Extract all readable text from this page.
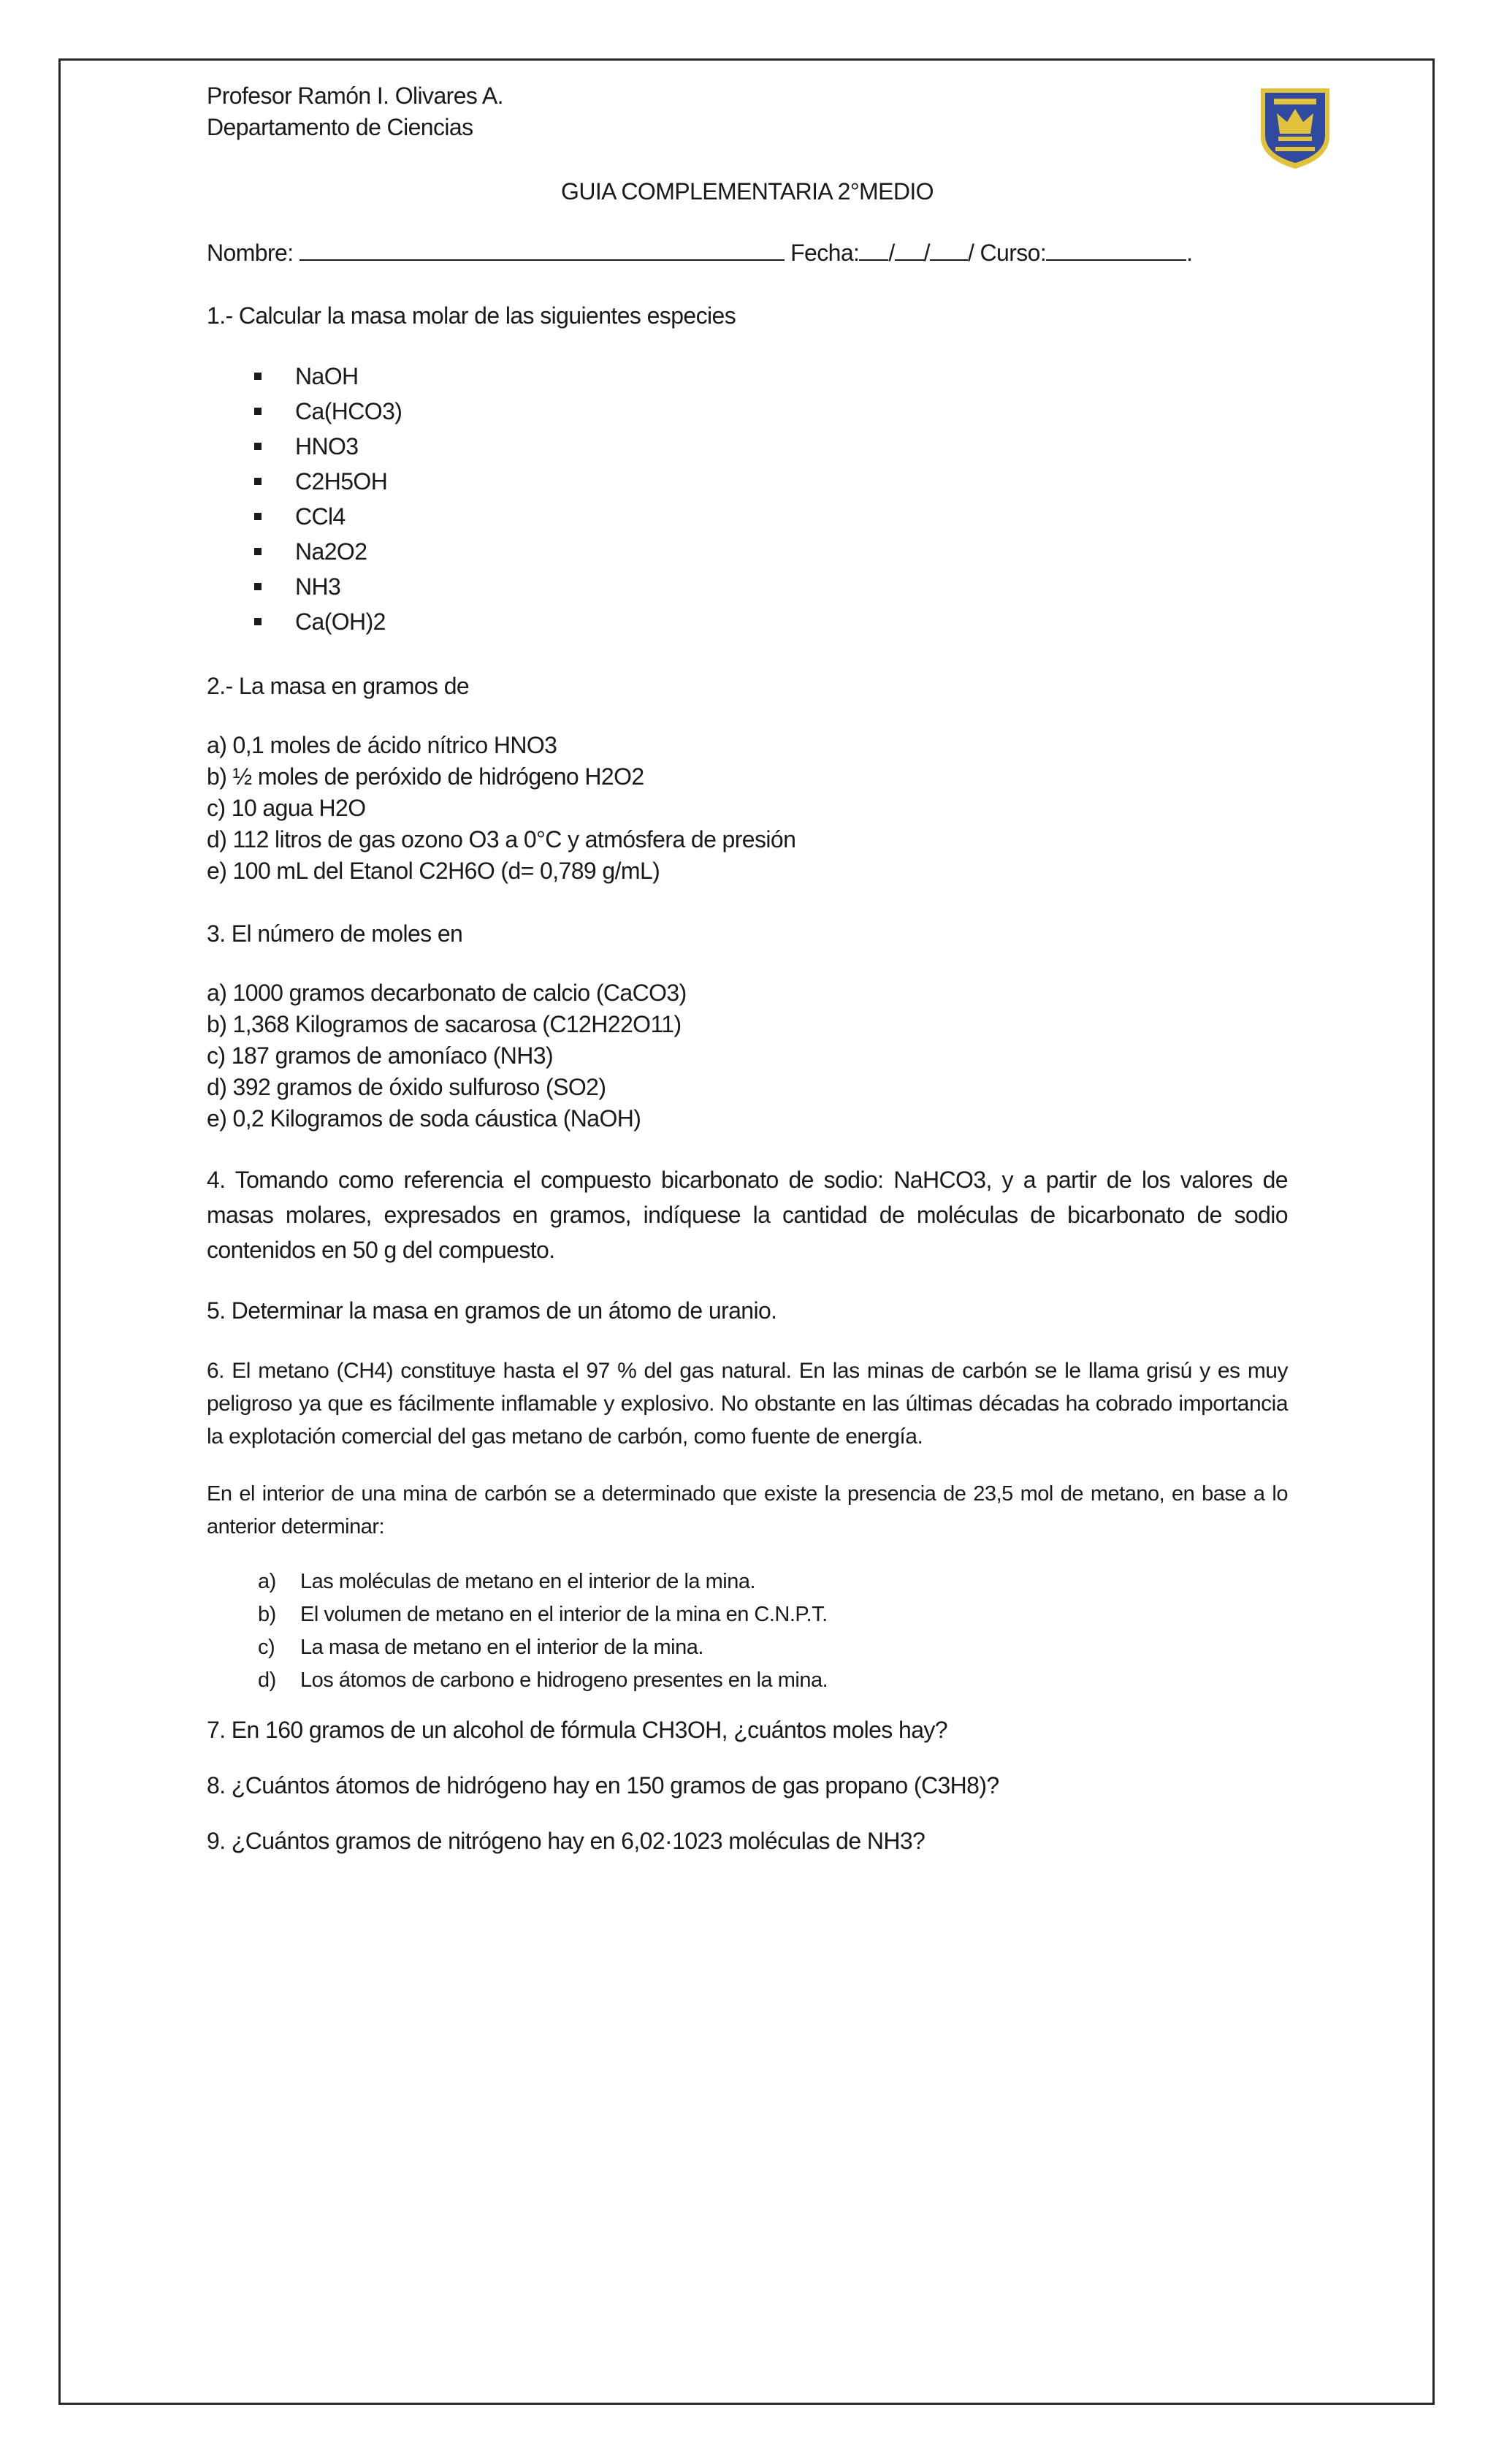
Profesor Ramón I. Olivares A.
Departamento de Ciencias
GUIA COMPLEMENTARIA 2°MEDIO
Nombre:	Fecha: / / / Curso:	.
1.- Calcular la masa molar de las siguientes especies
NaOH
Ca(HCO3)
HNO3
C2H5OH
CCl4
Na2O2
NH3
Ca(OH)2
2.- La masa en gramos de
a) 0,1 moles de ácido nítrico HNO3
b) ½ moles de peróxido de hidrógeno H2O2
c) 10 agua H2O
d) 112 litros de gas ozono O3 a 0°C y atmósfera de presión
e) 100 mL del Etanol C2H6O (d= 0,789 g/mL)
3. El número de moles en
a) 1000 gramos decarbonato de calcio (CaCO3)
b) 1,368 Kilogramos de sacarosa (C12H22O11)
c) 187 gramos de amoníaco (NH3)
d) 392 gramos de óxido sulfuroso (SO2)
e) 0,2 Kilogramos de soda cáustica (NaOH)
4. Tomando como referencia el compuesto bicarbonato de sodio: NaHCO3, y a partir de los valores de masas molares, expresados en gramos, indíquese la cantidad de moléculas de bicarbonato de sodio contenidos en 50 g del compuesto.
5. Determinar la masa en gramos de un átomo de uranio.
6. El metano (CH4) constituye hasta el 97 % del gas natural. En las minas de carbón se le llama grisú y es muy peligroso ya que es fácilmente inflamable y explosivo. No obstante en las últimas décadas ha cobrado importancia la explotación comercial del gas metano de carbón, como fuente de energía.
En el interior de una mina de carbón se a determinado que existe la presencia de 23,5 mol de metano, en base a lo anterior determinar:
a) Las moléculas de metano en el interior de la mina.
b) El volumen de metano en el interior de la mina en C.N.P.T.
c) La masa de metano en el interior de la mina.
d) Los átomos de carbono e hidrogeno presentes en la mina.
7. En 160 gramos de un alcohol de fórmula CH3OH, ¿cuántos moles hay?
8. ¿Cuántos átomos de hidrógeno hay en 150 gramos de gas propano (C3H8)?
9. ¿Cuántos gramos de nitrógeno hay en 6,02·1023 moléculas de NH3?
